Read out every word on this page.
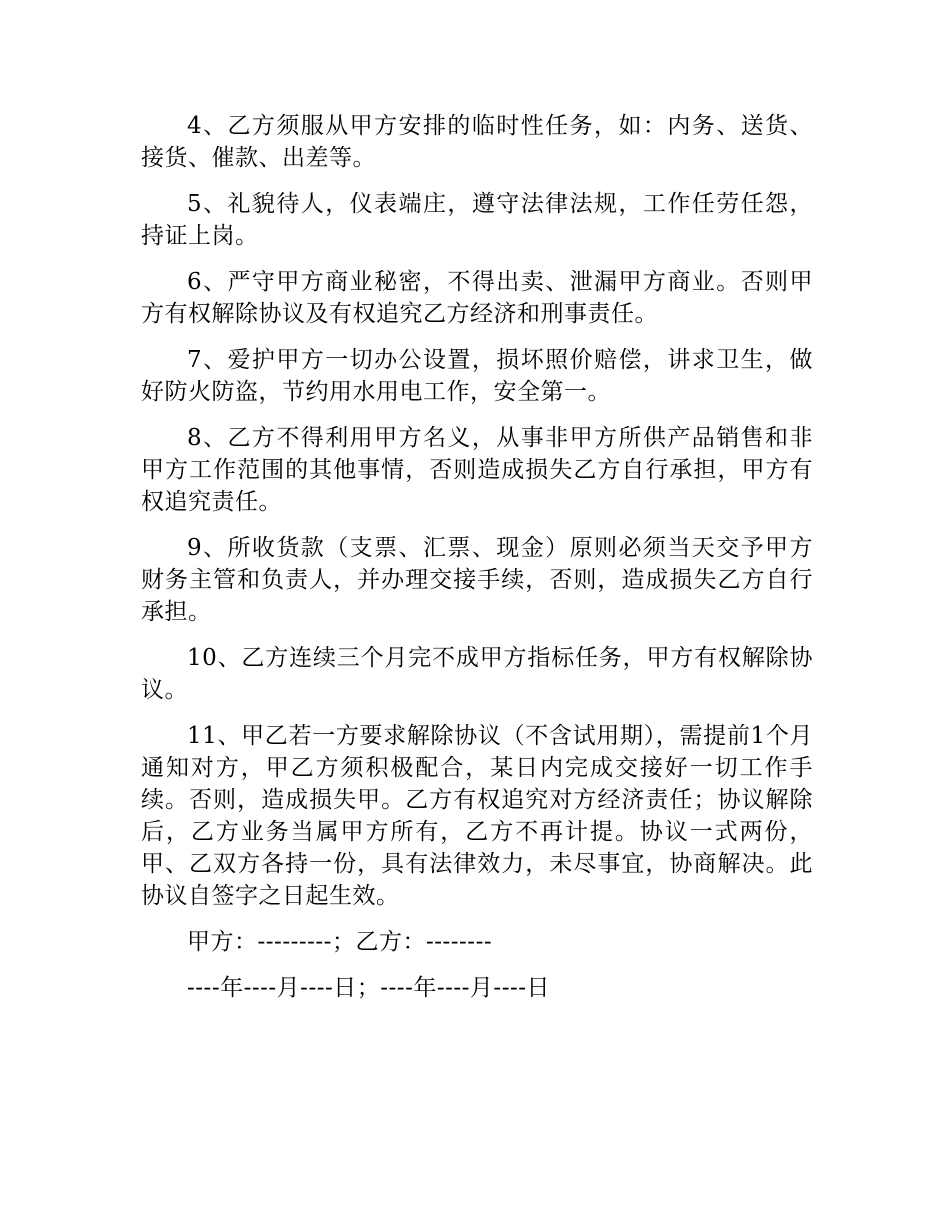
4、乙方须服从甲方安排的临时性任务，如：内务、送货、接货、催款、出差等。

5、礼貌待人，仪表端庄，遵守法律法规，工作任劳任怨，持证上岗。

6、严守甲方商业秘密，不得出卖、泄漏甲方商业。否则甲方有权解除协议及有权追究乙方经济和刑事责任。

7、爱护甲方一切办公设置，损坏照价赔偿，讲求卫生，做好防火防盗，节约用水用电工作，安全第一。

8、乙方不得利用甲方名义，从事非甲方所供产品销售和非甲方工作范围的其他事情，否则造成损失乙方自行承担，甲方有权追究责任。

9、所收货款（支票、汇票、现金）原则必须当天交予甲方财务主管和负责人，并办理交接手续，否则，造成损失乙方自行承担。

10、乙方连续三个月完不成甲方指标任务，甲方有权解除协议。

11、甲乙若一方要求解除协议（不含试用期），需提前1个月通知对方，甲乙方须积极配合，某日内完成交接好一切工作手续。否则，造成损失甲。乙方有权追究对方经济责任；协议解除后，乙方业务当属甲方所有，乙方不再计提。协议一式两份，甲、乙双方各持一份，具有法律效力，未尽事宜，协商解决。此协议自签字之日起生效。

甲方：---------；乙方：--------

----年----月----日；----年----月----日
